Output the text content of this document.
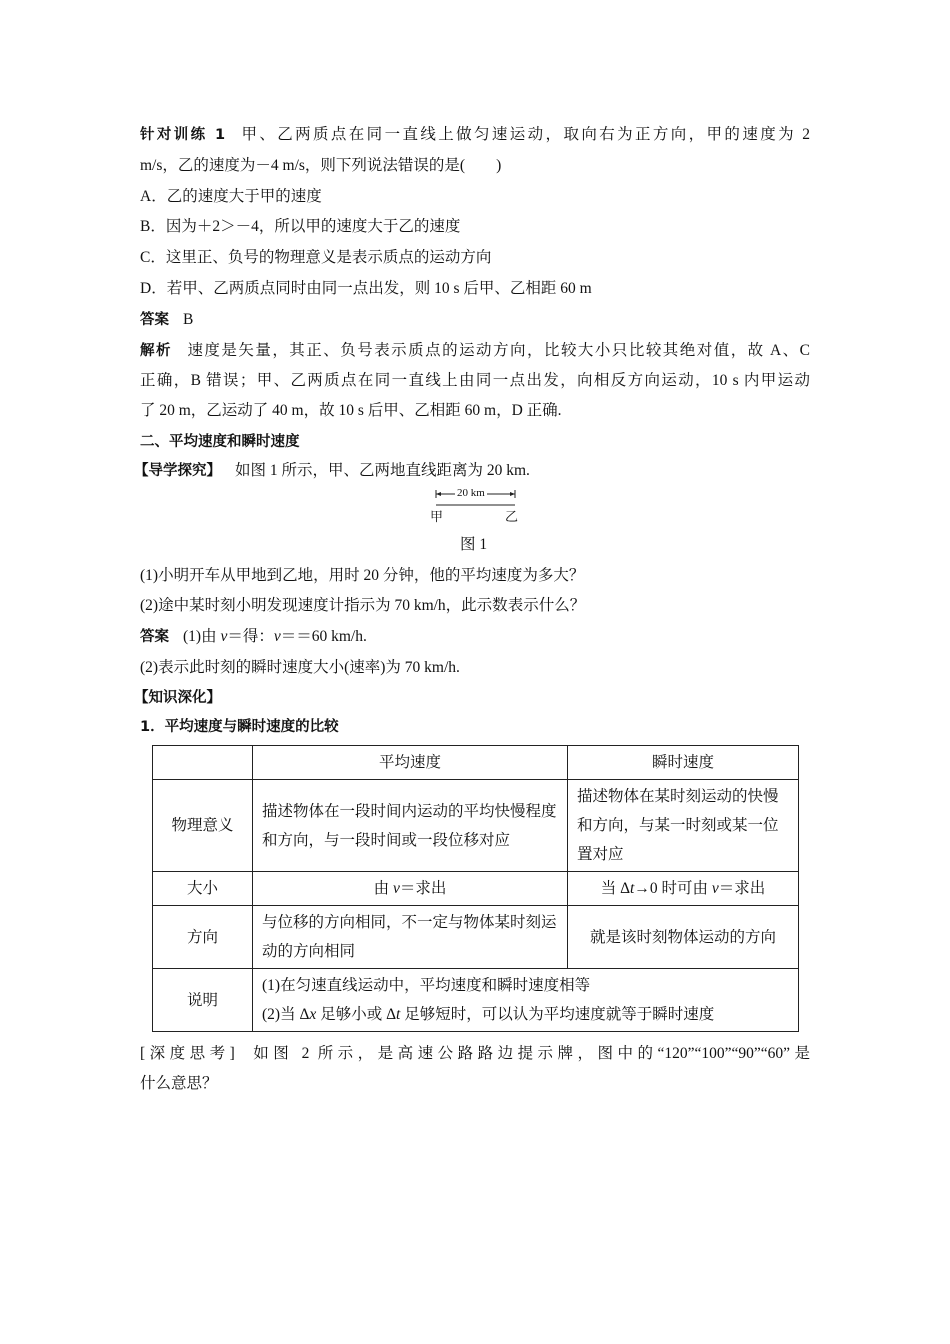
针对训练 1 甲、乙两质点在同一直线上做匀速运动，取向右为正方向，甲的速度为 2
m/s，乙的速度为－4 m/s，则下列说法错误的是(　　)
A．乙的速度大于甲的速度
B．因为＋2＞－4，所以甲的速度大于乙的速度
C．这里正、负号的物理意义是表示质点的运动方向
D．若甲、乙两质点同时由同一点出发，则 10 s 后甲、乙相距 60 m
答案 B
解析 速度是矢量，其正、负号表示质点的运动方向，比较大小只比较其绝对值，故 A、C
正确，B 错误；甲、乙两质点在同一直线上由同一点出发，向相反方向运动，10 s 内甲运动
了 20 m，乙运动了 40 m，故 10 s 后甲、乙相距 60 m，D 正确.
二、平均速度和瞬时速度
【导学探究】 如图 1 所示，甲、乙两地直线距离为 20 km.
20 km
甲	乙
图 1
(1)小明开车从甲地到乙地，用时 20 分钟，他的平均速度为多大？
(2)途中某时刻小明发现速度计指示为 70 km/h，此示数表示什么？
答案 (1)由 v＝得：v＝＝60 km/h.
(2)表示此时刻的瞬时速度大小(速率)为 70 km/h.
【知识深化】
1．平均速度与瞬时速度的比较
	平均速度	瞬时速度
物理意义	描述物体在一段时间内运动的平均快慢程度和方向，与一段时间或一段位移对应	描述物体在某时刻运动的快慢和方向，与某一时刻或某一位置对应
大小	由 v＝求出	当 Δt→0 时可由 v＝求出
方向	与位移的方向相同，不一定与物体某时刻运动的方向相同	就是该时刻物体运动的方向
说明	(1)在匀速直线运动中，平均速度和瞬时速度相等
(2)当 Δx 足够小或 Δt 足够短时，可以认为平均速度就等于瞬时速度	
[深度思考] 如图 2 所示，是高速公路路边提示牌，图中的“120”“100”“90”“60”是
什么意思？
